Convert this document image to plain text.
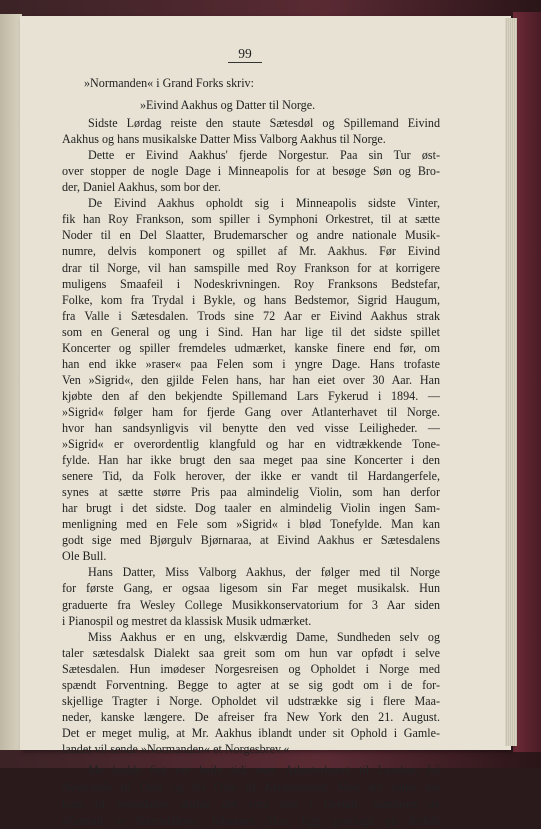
99

»Normanden« i Grand Forks skriv:

»Eivind Aakhus og Datter til Norge.

Sidste Lørdag reiste den staute Sætesdøl og Spillemand Eivind
Aakhus og hans musikalske Datter Miss Valborg Aakhus til Norge.
Dette er Eivind Aakhus' fjerde Norgestur. Paa sin Tur øst-
over stopper de nogle Dage i Minneapolis for at besøge Søn og Bro-
der, Daniel Aakhus, som bor der.
De Eivind Aakhus opholdt sig i Minneapolis sidste Vinter,
fik han Roy Frankson, som spiller i Symphoni Orkestret, til at sætte
Noder til en Del Slaatter, Brudemarscher og andre nationale Musik-
numre, delvis komponert og spillet af Mr. Aakhus. Før Eivind
drar til Norge, vil han samspille med Roy Frankson for at korrigere
muligens Smaafeil i Nodeskrivningen. Roy Franksons Bedstefar,
Folke, kom fra Trydal i Bykle, og hans Bedstemor, Sigrid Haugum,
fra Valle i Sætesdalen. Trods sine 72 Aar er Eivind Aakhus strak
som en General og ung i Sind. Han har lige til det sidste spillet
Koncerter og spiller fremdeles udmærket, kanske finere end før, om
han end ikke »raser« paa Felen som i yngre Dage. Hans trofaste
Ven »Sigrid«, den gjilde Felen hans, har han eiet over 30 Aar. Han
kjøbte den af den bekjendte Spillemand Lars Fykerud i 1894. —
»Sigrid« følger ham for fjerde Gang over Atlanterhavet til Norge.
hvor han sandsynligvis vil benytte den ved visse Leiligheder. —
»Sigrid« er overordentlig klangfuld og har en vidtrækkende Tone-
fylde. Han har ikke brugt den saa meget paa sine Koncerter i den
senere Tid, da Folk herover, der ikke er vandt til Hardangerfele,
synes at sætte større Pris paa almindelig Violin, som han derfor
har brugt i det sidste. Dog taaler en almindelig Violin ingen Sam-
menligning med en Fele som »Sigrid« i blød Tonefylde. Man kan
godt sige med Bjørgulv Bjørnaraa, at Eivind Aakhus er Sætesdalens
Ole Bull.
Hans Datter, Miss Valborg Aakhus, der følger med til Norge
for første Gang, er ogsaa ligesom sin Far meget musikalsk. Hun
graduerte fra Wesley College Musikkonservatorium for 3 Aar siden
i Pianospil og mestret da klassisk Musik udmærket.
Miss Aakhus er en ung, elskværdig Dame, Sundheden selv og
taler sætesdalsk Dialekt saa greit som om hun var opfødt i selve
Sætesdalen. Hun imødeser Norgesreisen og Opholdet i Norge med
spændt Forventning. Begge to agter at se sig godt om i de for-
skjellige Tragter i Norge. Opholdet vil udstrække sig i flere Maa-
neder, kanske længere. De afreiser fra New York den 21. August.
Det er meget mulig, at Mr. Aakhus iblandt under sit Ophold i Gamle-
landet vil sende »Normanden« et Norgesbrev.«
Me hadde fint ver heile tidi over Atlanterhavet til London, frå
Newcastle til Oslo og frå Oslo til Kristiansand. Med det same me
kom til Setesdalen skulde det vera fest i Grendi. Samlaren av
»Gamalt or Sætesdalen«, Johannes Skar, ligg gravlagd på Årdals
